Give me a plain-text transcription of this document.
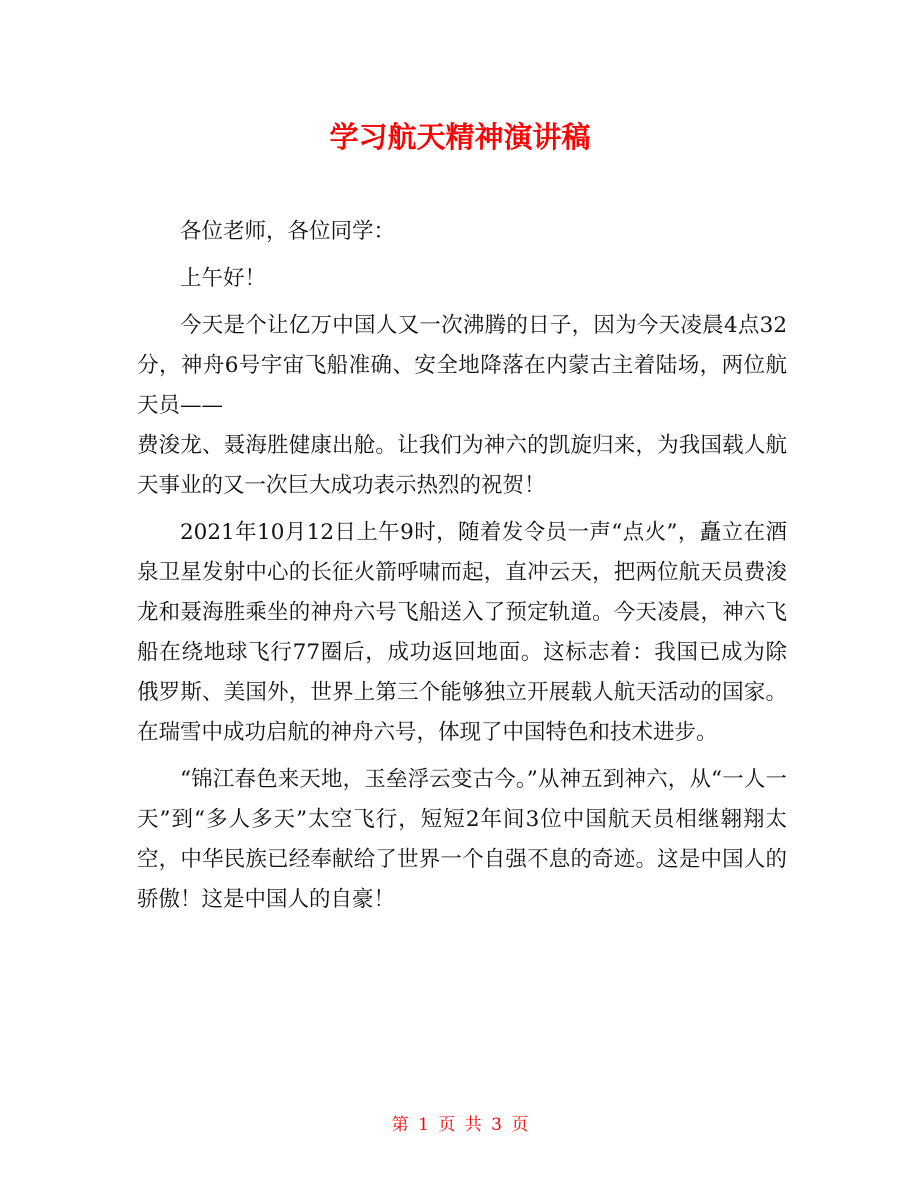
学习航天精神演讲稿

各位老师，各位同学：

上午好！

今天是个让亿万中国人又一次沸腾的日子，因为今天凌晨4点32分，神舟6号宇宙飞船准确、安全地降落在内蒙古主着陆场，两位航天员——

费浚龙、聂海胜健康出舱。让我们为神六的凯旋归来，为我国载人航天事业的又一次巨大成功表示热烈的祝贺！

2021年10月12日上午9时，随着发令员一声“点火”，矗立在酒泉卫星发射中心的长征火箭呼啸而起，直冲云天，把两位航天员费浚龙和聂海胜乘坐的神舟六号飞船送入了预定轨道。今天凌晨，神六飞船在绕地球飞行77圈后，成功返回地面。这标志着：我国已成为除俄罗斯、美国外，世界上第三个能够独立开展载人航天活动的国家。在瑞雪中成功启航的神舟六号，体现了中国特色和技术进步。

“锦江春色来天地，玉垒浮云变古今。”从神五到神六，从“一人一天”到“多人多天”太空飞行，短短2年间3位中国航天员相继翱翔太空，中华民族已经奉献给了世界一个自强不息的奇迹。这是中国人的骄傲！这是中国人的自豪！

第 1 页 共 3 页
